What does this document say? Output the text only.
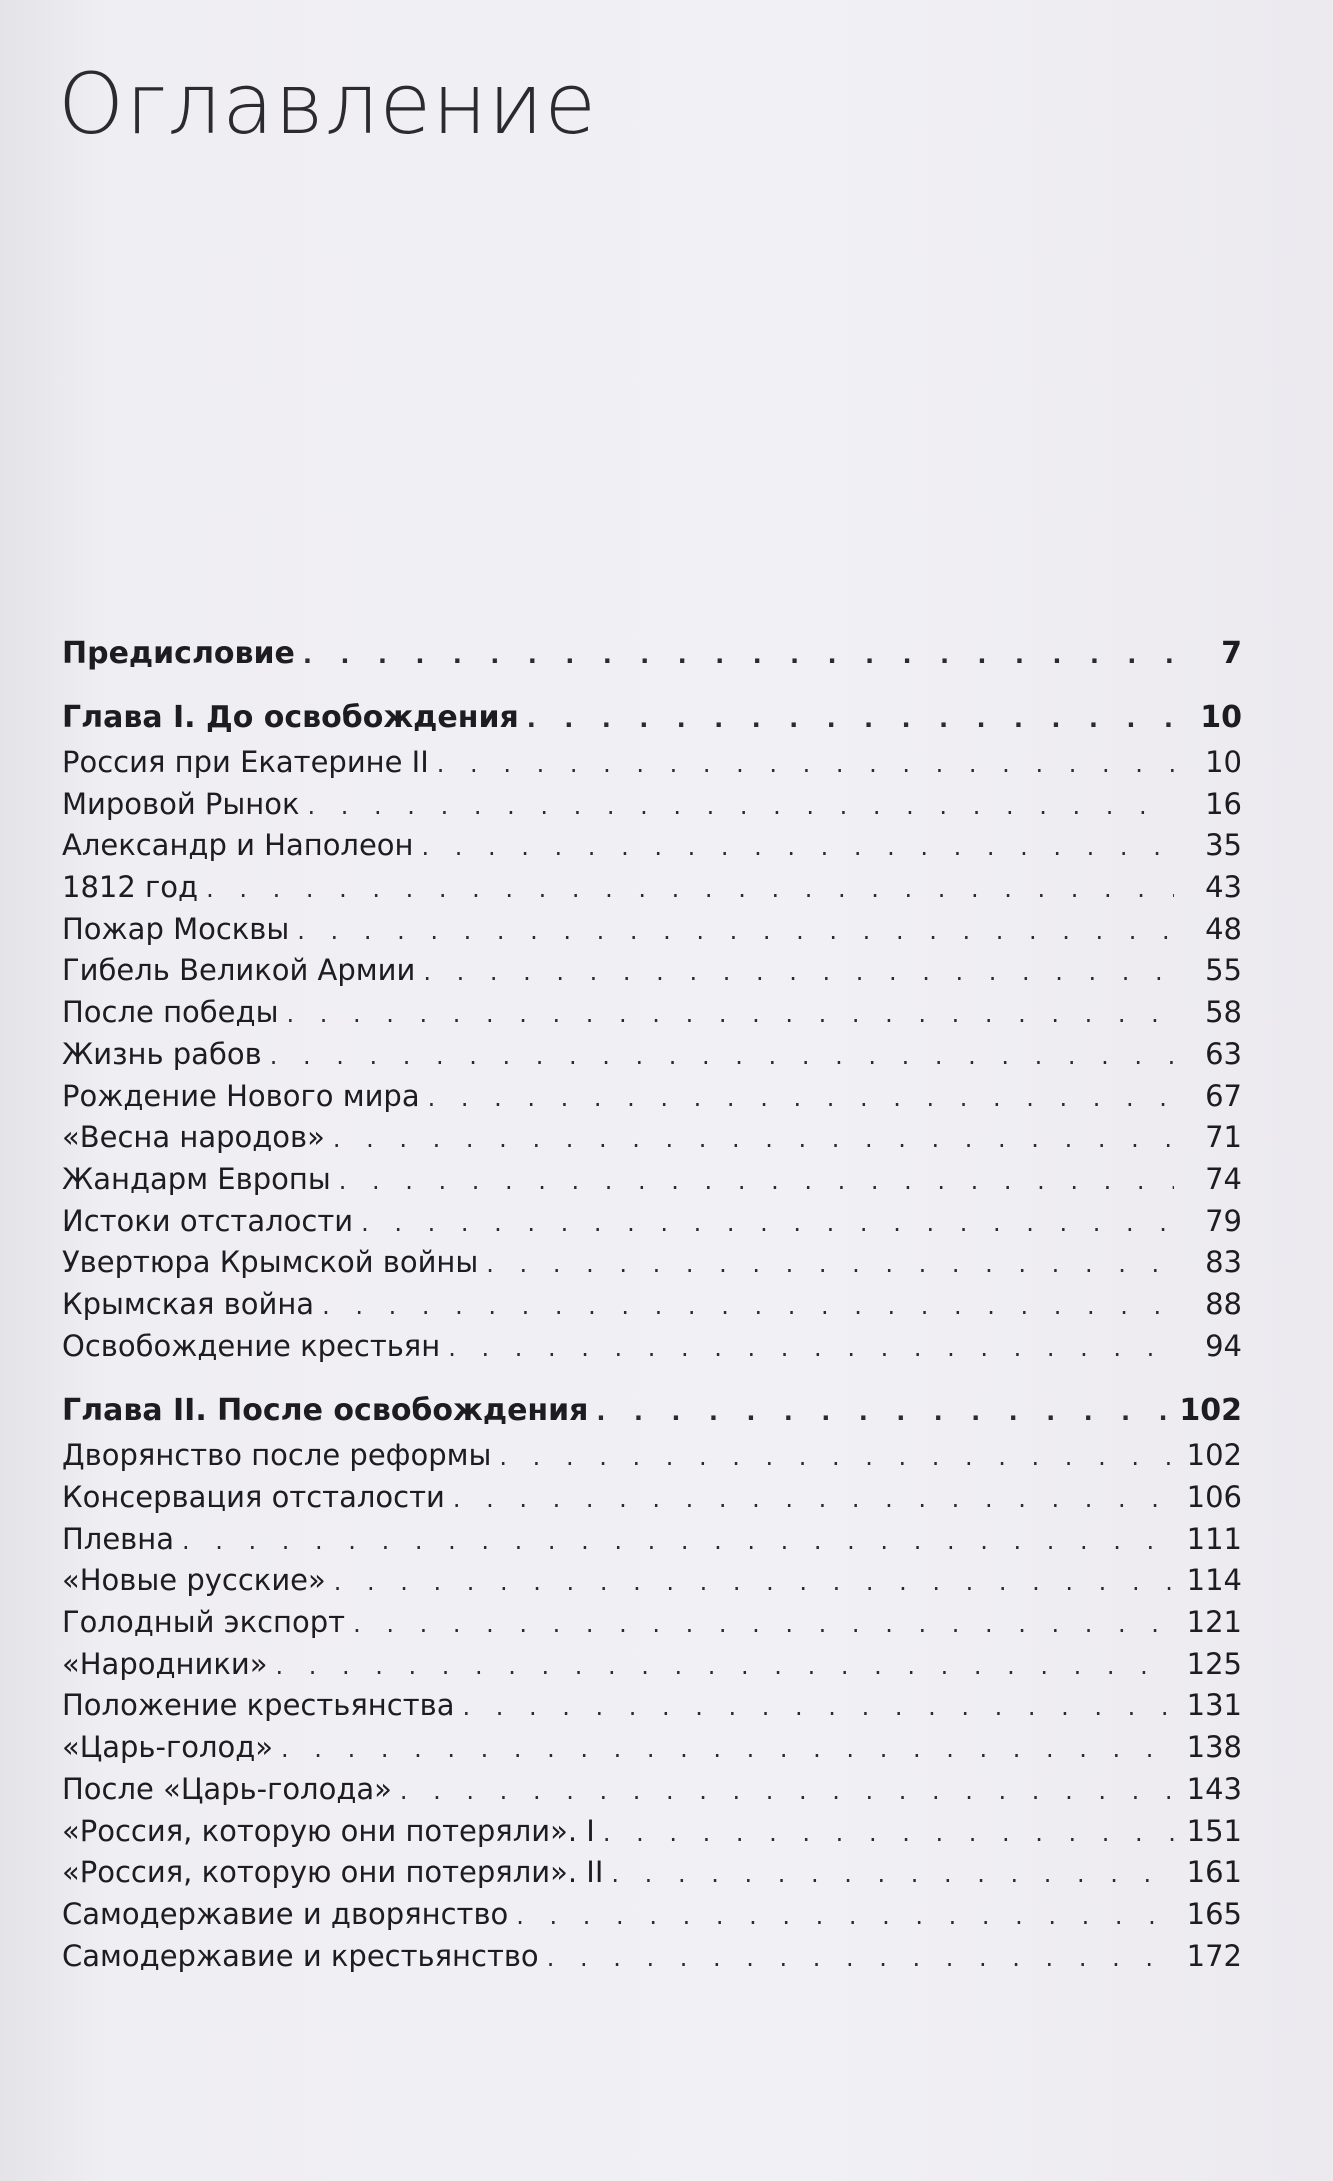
Оглавление
Предисловие . . .	7
Глава I. До освобождения . . .	10
Россия при Екатерине II . . .	10
Мировой Рынок . . .	16
Александр и Наполеон . . .	35
1812 год . . .	43
Пожар Москвы . . .	48
Гибель Великой Армии . . .	55
После победы . . .	58
Жизнь рабов . . .	63
Рождение Нового мира . . .	67
«Весна народов» . . .	71
Жандарм Европы . . .	74
Истоки отсталости . . .	79
Увертюра Крымской войны . . .	83
Крымская война . . .	88
Освобождение крестьян . . .	94
Глава II. После освобождения . . .	102
Дворянство после реформы . . .	102
Консервация отсталости . . .	106
Плевна . . .	111
«Новые русские» . . .	114
Голодный экспорт . . .	121
«Народники» . . .	125
Положение крестьянства . . .	131
«Царь-голод» . . .	138
После «Царь-голода» . . .	143
«Россия, которую они потеряли». I . . .	151
«Россия, которую они потеряли». II . . .	161
Самодержавие и дворянство . . .	165
Самодержавие и крестьянство . . .	172
